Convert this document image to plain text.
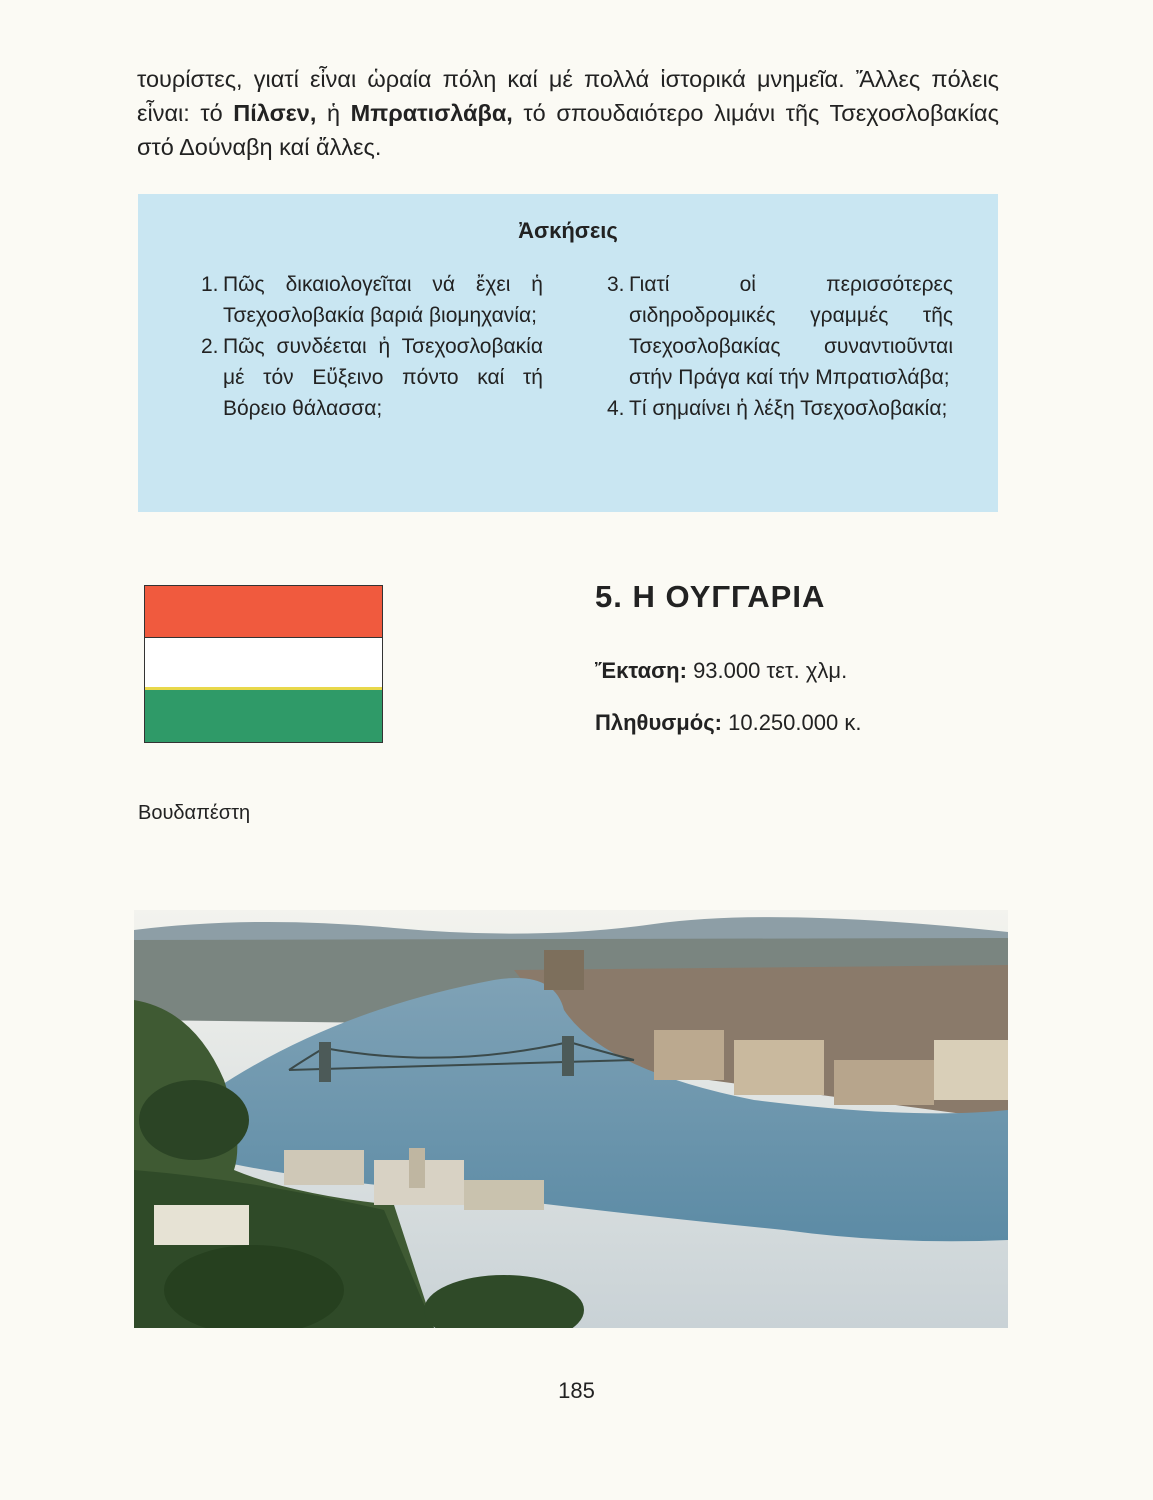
τουρίστες, γιατί εἶναι ὡραία πόλη καί μέ πολλά ἱστορικά μνημεῖα. Ἄλλες πόλεις εἶναι: τό Πίλσεν, ἡ Μπρατισλάβα, τό σπουδαιότερο λιμάνι τῆς Τσεχοσλοβακίας στό Δούναβη καί ἄλλες.

Ἀσκήσεις
1. Πῶς δικαιολογεῖται νά ἔχει ἡ Τσεχοσλοβακία βαριά βιομηχανία;
2. Πῶς συνδέεται ἡ Τσεχοσλοβακία μέ τόν Εὔξεινο πόντο καί τή Βόρειο θάλασσα;
3. Γιατί οἱ περισσότερες σιδηροδρομικές γραμμές τῆς Τσεχοσλοβακίας συναντιοῦνται στήν Πράγα καί τήν Μπρατισλάβα;
4. Τί σημαίνει ἡ λέξη Τσεχοσλοβακία;
5. Η ΟΥΓΓΑΡΙΑ
Ἔκταση: 93.000 τετ. χλμ.
Πληθυσμός: 10.250.000 κ.
Βουδαπέστη
185
